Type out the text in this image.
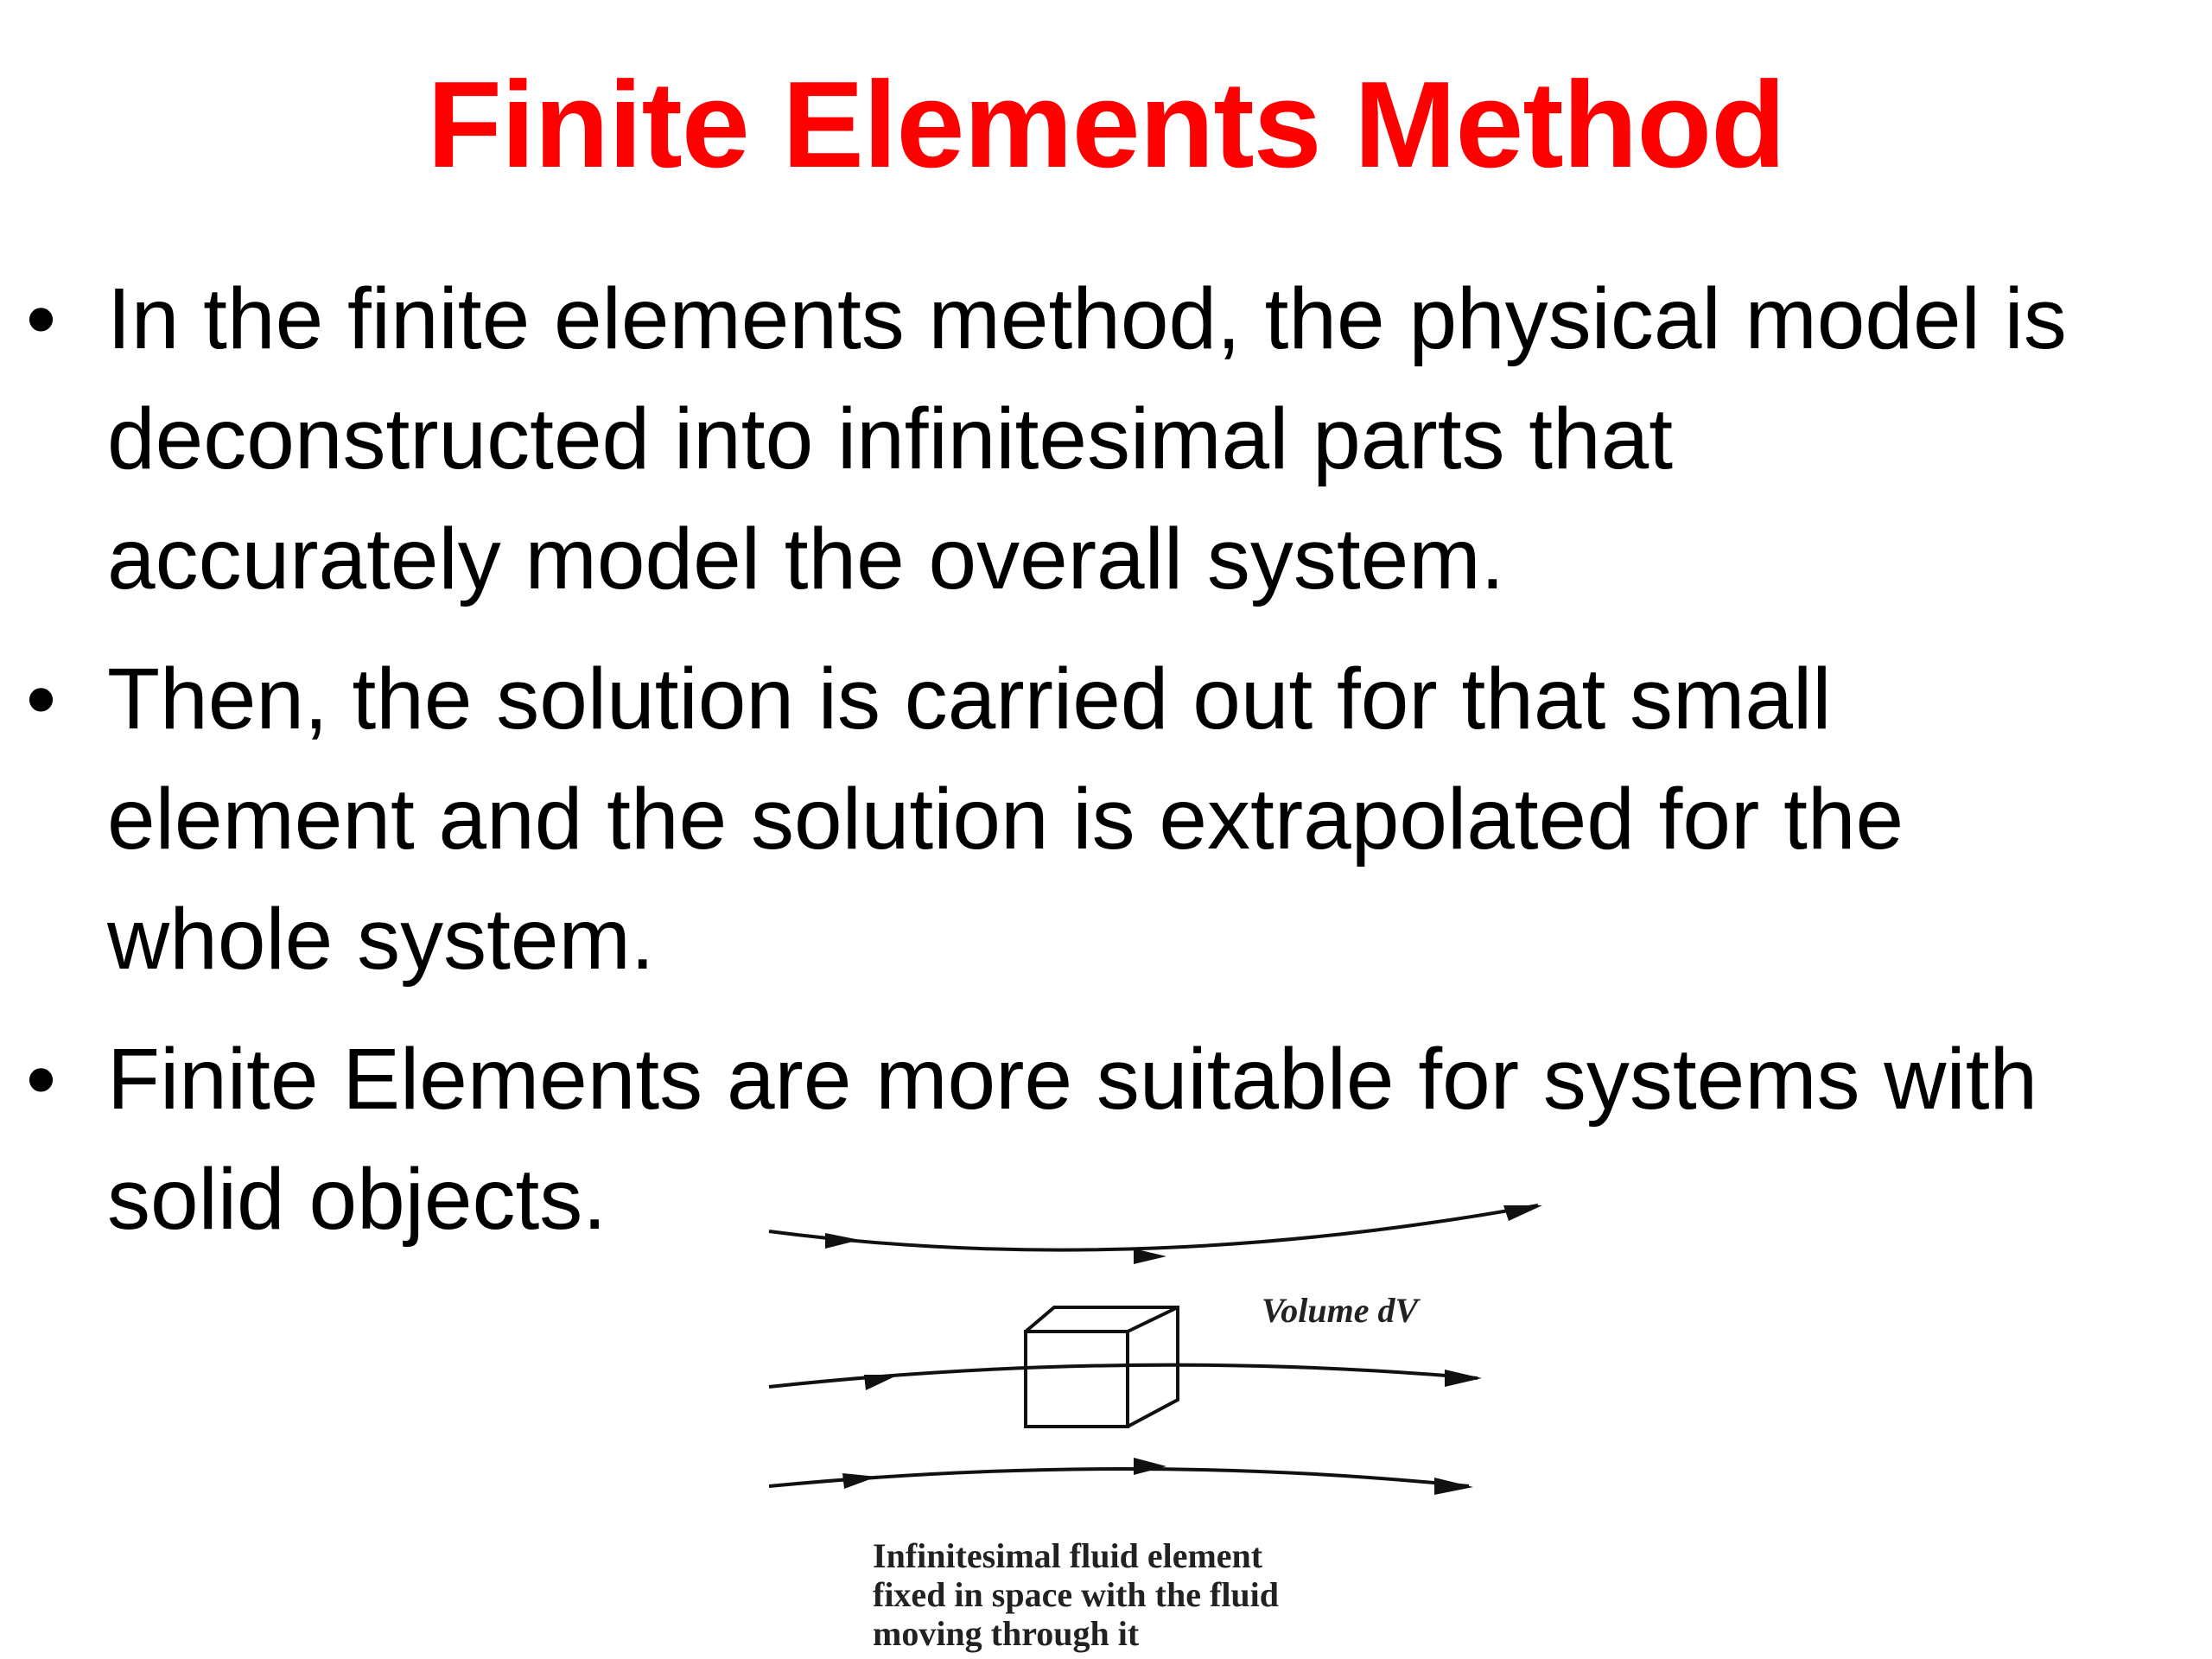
Finite Elements Method
• In the finite elements method, the physical model is
deconstructed into infinitesimal parts that
accurately model the overall system.
• Then, the solution is carried out for that small
element and the solution is extrapolated for the
whole system.
• Finite Elements are more suitable for systems with
solid objects.
Volume dV
Infinitesimal fluid element
fixed in space with the fluid
moving through it
